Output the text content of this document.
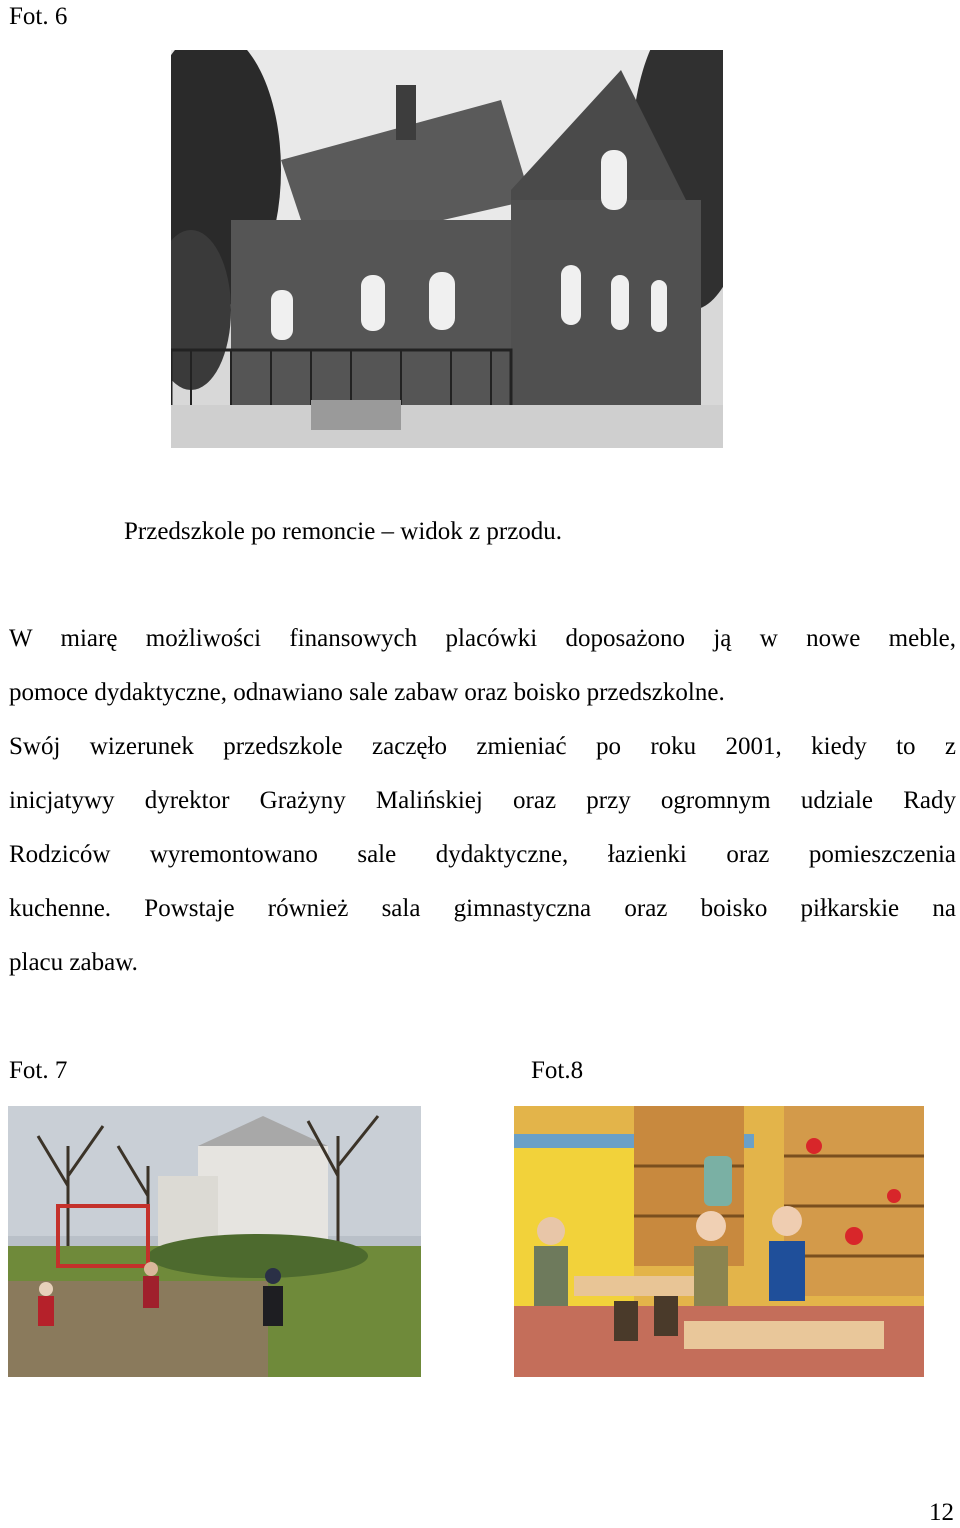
Fot. 6
Przedszkole po remoncie – widok z przodu.
W miarę możliwości finansowych placówki doposażono ją w nowe meble,
pomoce dydaktyczne, odnawiano sale zabaw oraz boisko przedszkolne.
Swój wizerunek przedszkole zaczęło zmieniać po roku 2001, kiedy to z
inicjatywy dyrektor Grażyny Malińskiej oraz przy ogromnym udziale Rady
Rodziców wyremontowano sale dydaktyczne, łazienki oraz pomieszczenia
kuchenne. Powstaje również sala gimnastyczna oraz boisko piłkarskie na
placu zabaw.
Fot. 7	Fot.8
12
